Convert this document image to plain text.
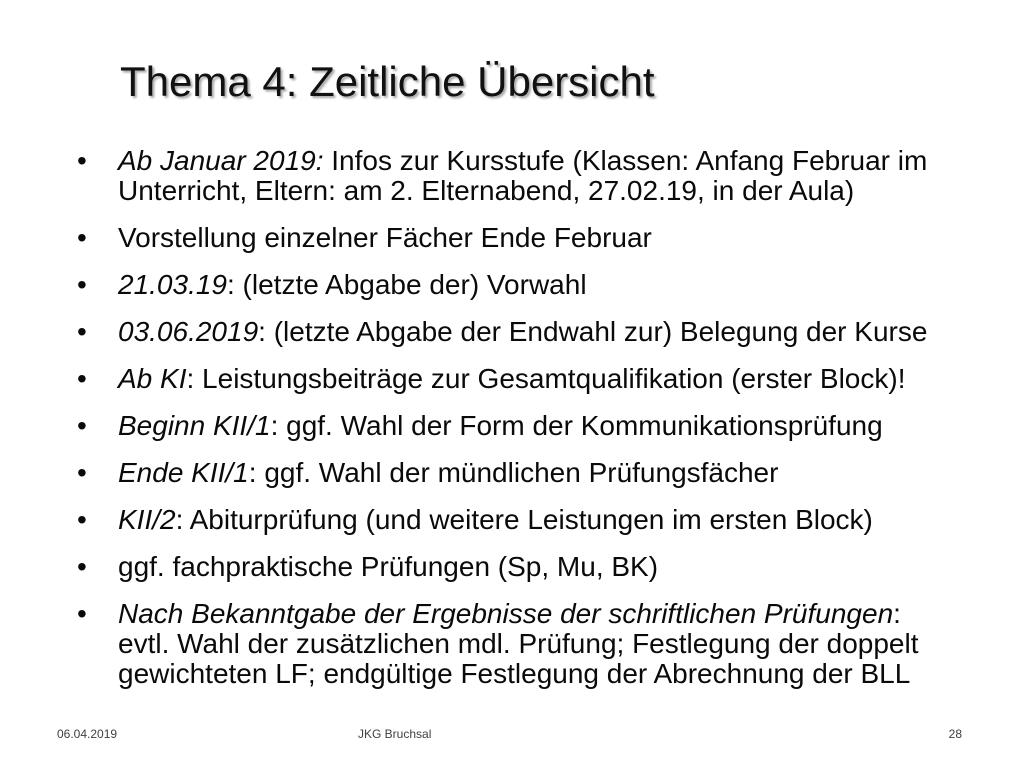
Thema 4: Zeitliche Übersicht
• Ab Januar 2019: Infos zur Kursstufe (Klassen: Anfang Februar im
Unterricht, Eltern: am 2. Elternabend, 27.02.19, in der Aula)
• Vorstellung einzelner Fächer Ende Februar
• 21.03.19: (letzte Abgabe der) Vorwahl
• 03.06.2019: (letzte Abgabe der Endwahl zur) Belegung der Kurse
• Ab KI: Leistungsbeiträge zur Gesamtqualifikation (erster Block)!
• Beginn KII/1: ggf. Wahl der Form der Kommunikationsprüfung
• Ende KII/1: ggf. Wahl der mündlichen Prüfungsfächer
• KII/2: Abiturprüfung (und weitere Leistungen im ersten Block)
• ggf. fachpraktische Prüfungen (Sp, Mu, BK)
• Nach Bekanntgabe der Ergebnisse der schriftlichen Prüfungen:
evtl. Wahl der zusätzlichen mdl. Prüfung; Festlegung der doppelt
gewichteten LF; endgültige Festlegung der Abrechnung der BLL
06.04.2019	JKG Bruchsal	28
